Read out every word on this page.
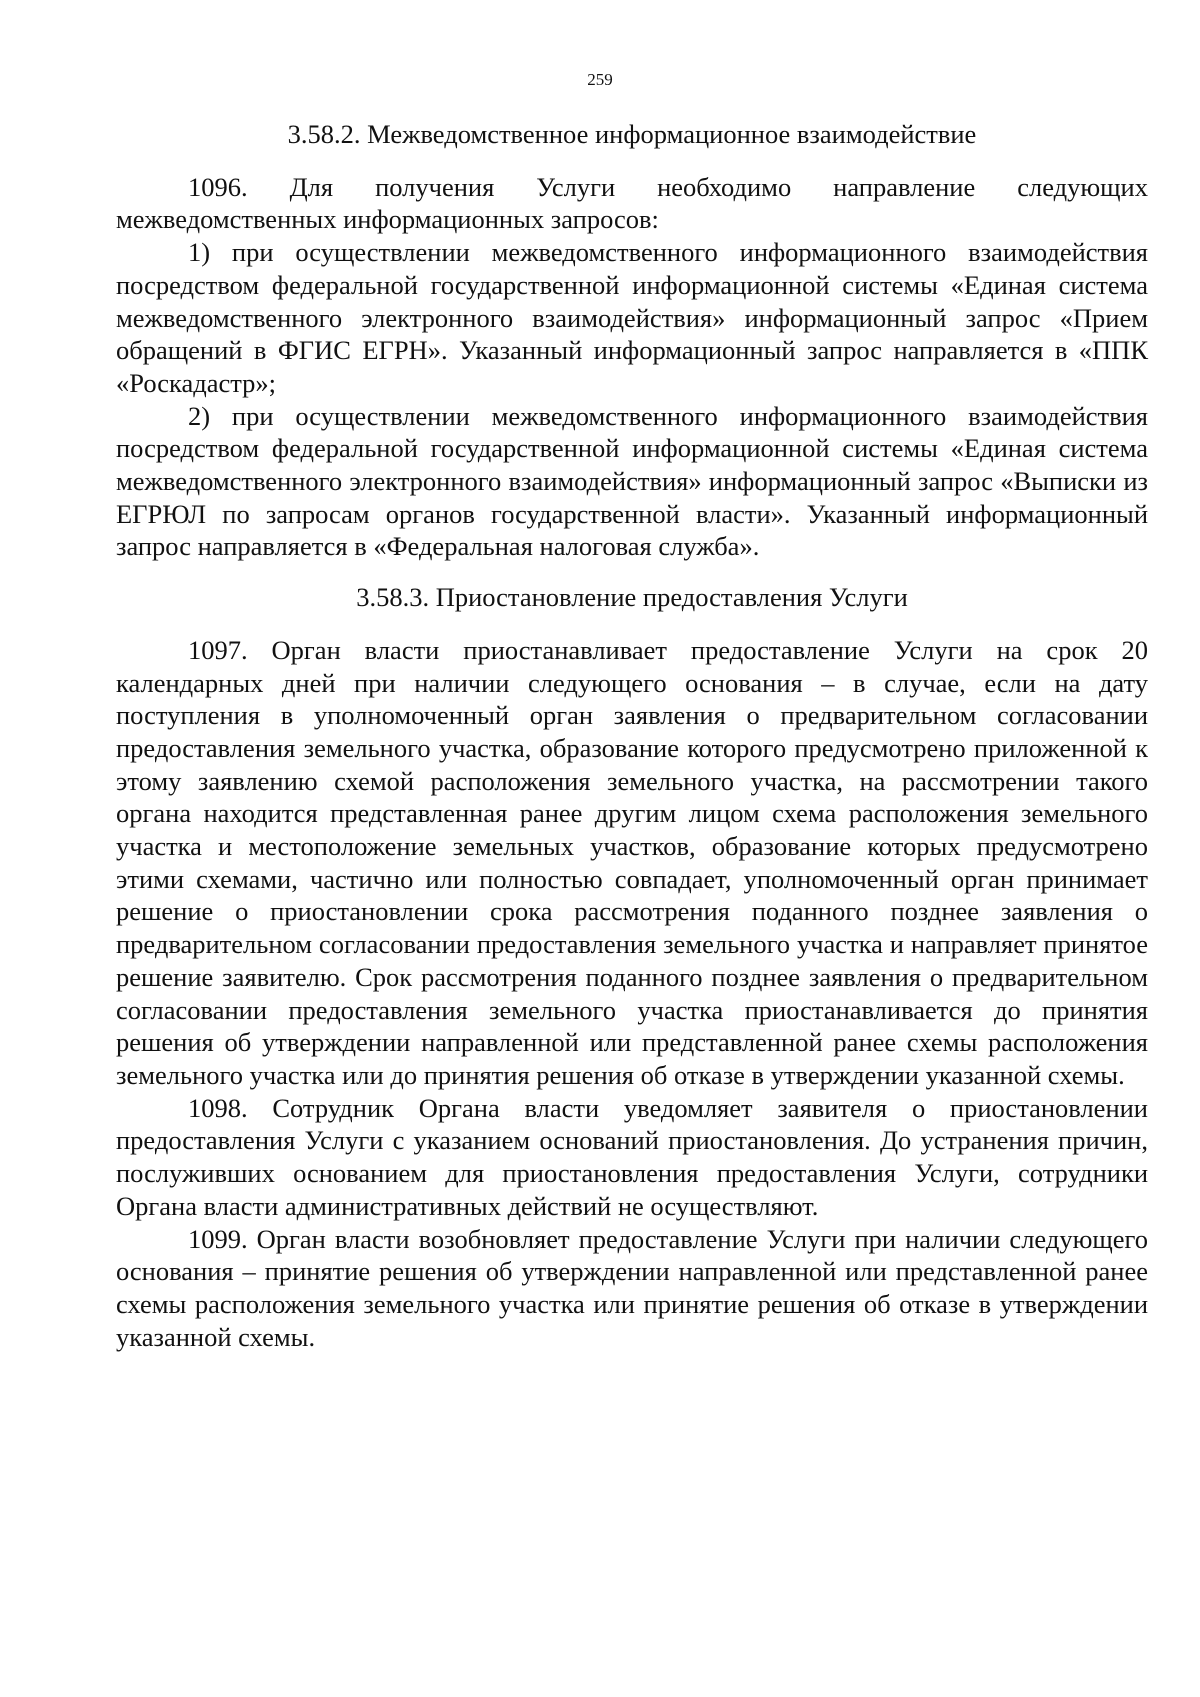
259

3.58.2. Межведомственное информационное взаимодействие

1096. Для получения Услуги необходимо направление следующих межведомственных информационных запросов:

1) при осуществлении межведомственного информационного взаимодействия посредством федеральной государственной информационной системы «Единая система межведомственного электронного взаимодействия» информационный запрос «Прием обращений в ФГИС ЕГРН». Указанный информационный запрос направляется в «ППК «Роскадастр»;

2) при осуществлении межведомственного информационного взаимодействия посредством федеральной государственной информационной системы «Единая система межведомственного электронного взаимодействия» информационный запрос «Выписки из ЕГРЮЛ по запросам органов государственной власти». Указанный информационный запрос направляется в «Федеральная налоговая служба».

3.58.3. Приостановление предоставления Услуги

1097. Орган власти приостанавливает предоставление Услуги на срок 20 календарных дней при наличии следующего основания – в случае, если на дату поступления в уполномоченный орган заявления о предварительном согласовании предоставления земельного участка, образование которого предусмотрено приложенной к этому заявлению схемой расположения земельного участка, на рассмотрении такого органа находится представленная ранее другим лицом схема расположения земельного участка и местоположение земельных участков, образование которых предусмотрено этими схемами, частично или полностью совпадает, уполномоченный орган принимает решение о приостановлении срока рассмотрения поданного позднее заявления о предварительном согласовании предоставления земельного участка и направляет принятое решение заявителю. Срок рассмотрения поданного позднее заявления о предварительном согласовании предоставления земельного участка приостанавливается до принятия решения об утверждении направленной или представленной ранее схемы расположения земельного участка или до принятия решения об отказе в утверждении указанной схемы.

1098. Сотрудник Органа власти уведомляет заявителя о приостановлении предоставления Услуги с указанием оснований приостановления. До устранения причин, послуживших основанием для приостановления предоставления Услуги, сотрудники Органа власти административных действий не осуществляют.

1099. Орган власти возобновляет предоставление Услуги при наличии следующего основания – принятие решения об утверждении направленной или представленной ранее схемы расположения земельного участка или принятие решения об отказе в утверждении указанной схемы.
